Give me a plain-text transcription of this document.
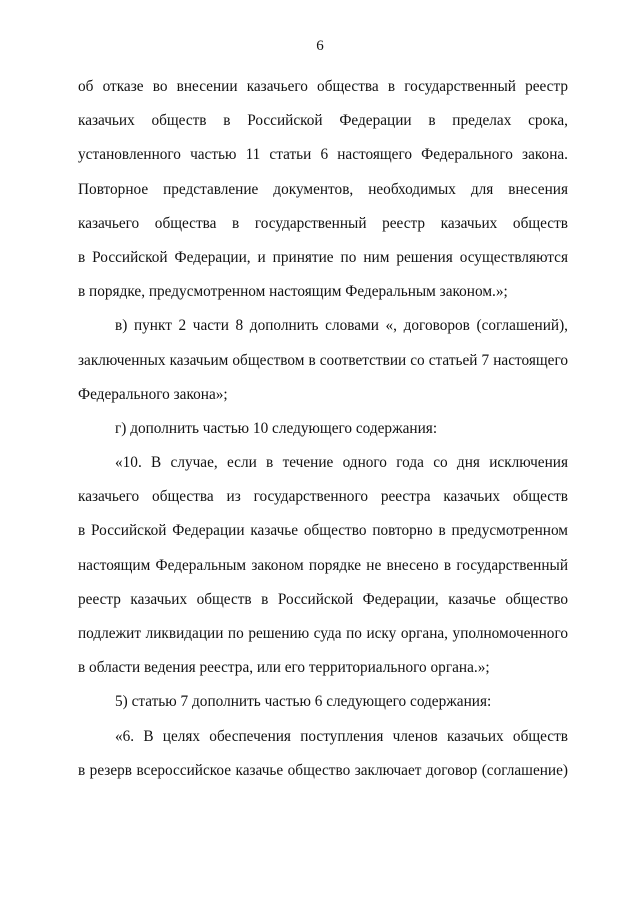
6
об отказе во внесении казачьего общества в государственный реестр
казачьих обществ в Российской Федерации в пределах срока,
установленного частью 11 статьи 6 настоящего Федерального закона.
Повторное представление документов, необходимых для внесения
казачьего общества в государственный реестр казачьих обществ
в Российской Федерации, и принятие по ним решения осуществляются
в порядке, предусмотренном настоящим Федеральным законом.»;
в) пункт 2 части 8 дополнить словами «, договоров (соглашений),
заключенных казачьим обществом в соответствии со статьей 7 настоящего
Федерального закона»;
г) дополнить частью 10 следующего содержания:
«10. В случае, если в течение одного года со дня исключения
казачьего общества из государственного реестра казачьих обществ
в Российской Федерации казачье общество повторно в предусмотренном
настоящим Федеральным законом порядке не внесено в государственный
реестр казачьих обществ в Российской Федерации, казачье общество
подлежит ликвидации по решению суда по иску органа, уполномоченного
в области ведения реестра, или его территориального органа.»;
5) статью 7 дополнить частью 6 следующего содержания:
«6. В целях обеспечения поступления членов казачьих обществ
в резерв всероссийское казачье общество заключает договор (соглашение)
